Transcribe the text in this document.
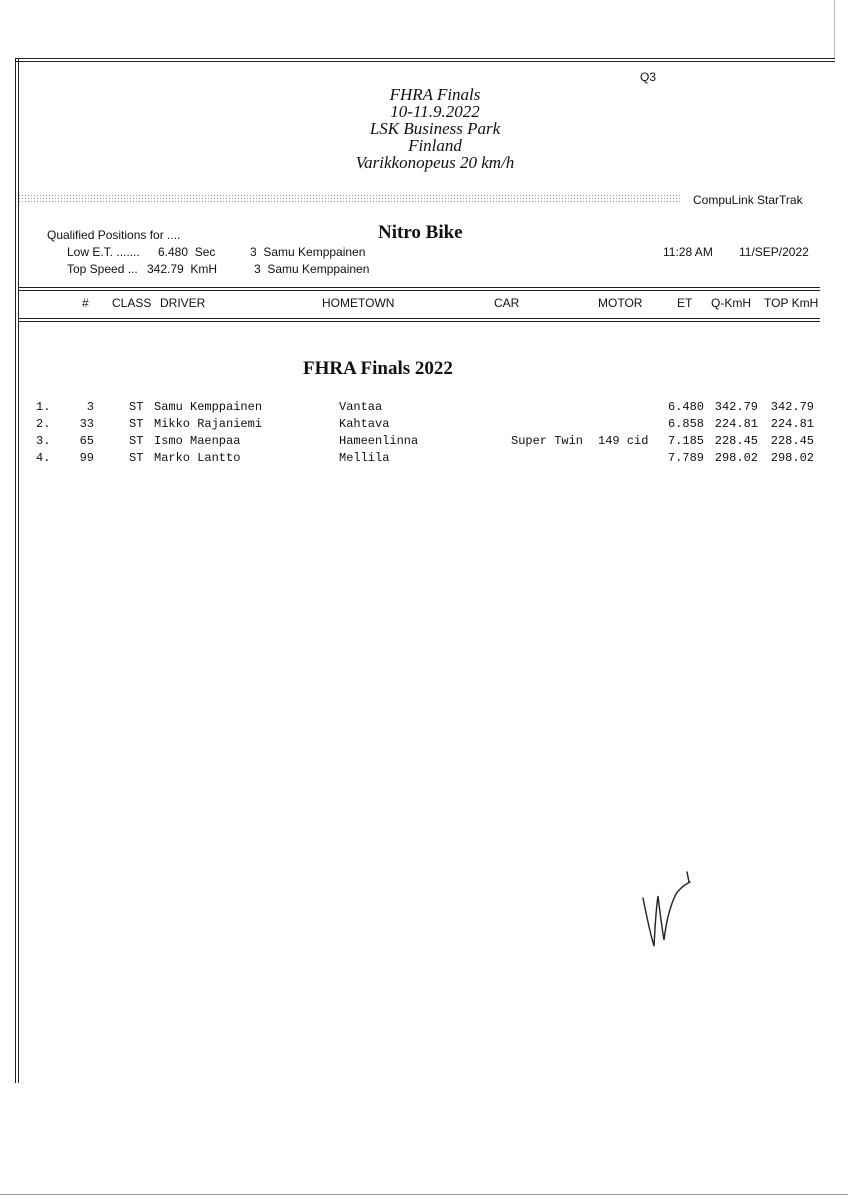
Q3
FHRA Finals
10-11.9.2022
LSK Business Park
Finland
Varikkonopeus 20 km/h
CompuLink StarTrak
Qualified Positions for ....	Nitro Bike
Low E.T. ....... 6.480  Sec	3  Samu Kemppainen
Top Speed ... 342.79  KmH	3  Samu Kemppainen
11:28 AM 11/SEP/2022
# CLASS DRIVER	HOMETOWN	CAR	MOTOR	ET Q-KmH TOP KmH
FHRA Finals 2022
1.	3	ST Samu Kemppainen	Vantaa	6.480 342.79 342.79
2.	33	ST Mikko Rajaniemi	Kahtava	6.858 224.81 224.81
3.	65	ST Ismo Maenpaa	Hameenlinna	Super Twin 149 cid	7.185 228.45 228.45
4.	99	ST Marko Lantto	Mellila	7.789 298.02 298.02
